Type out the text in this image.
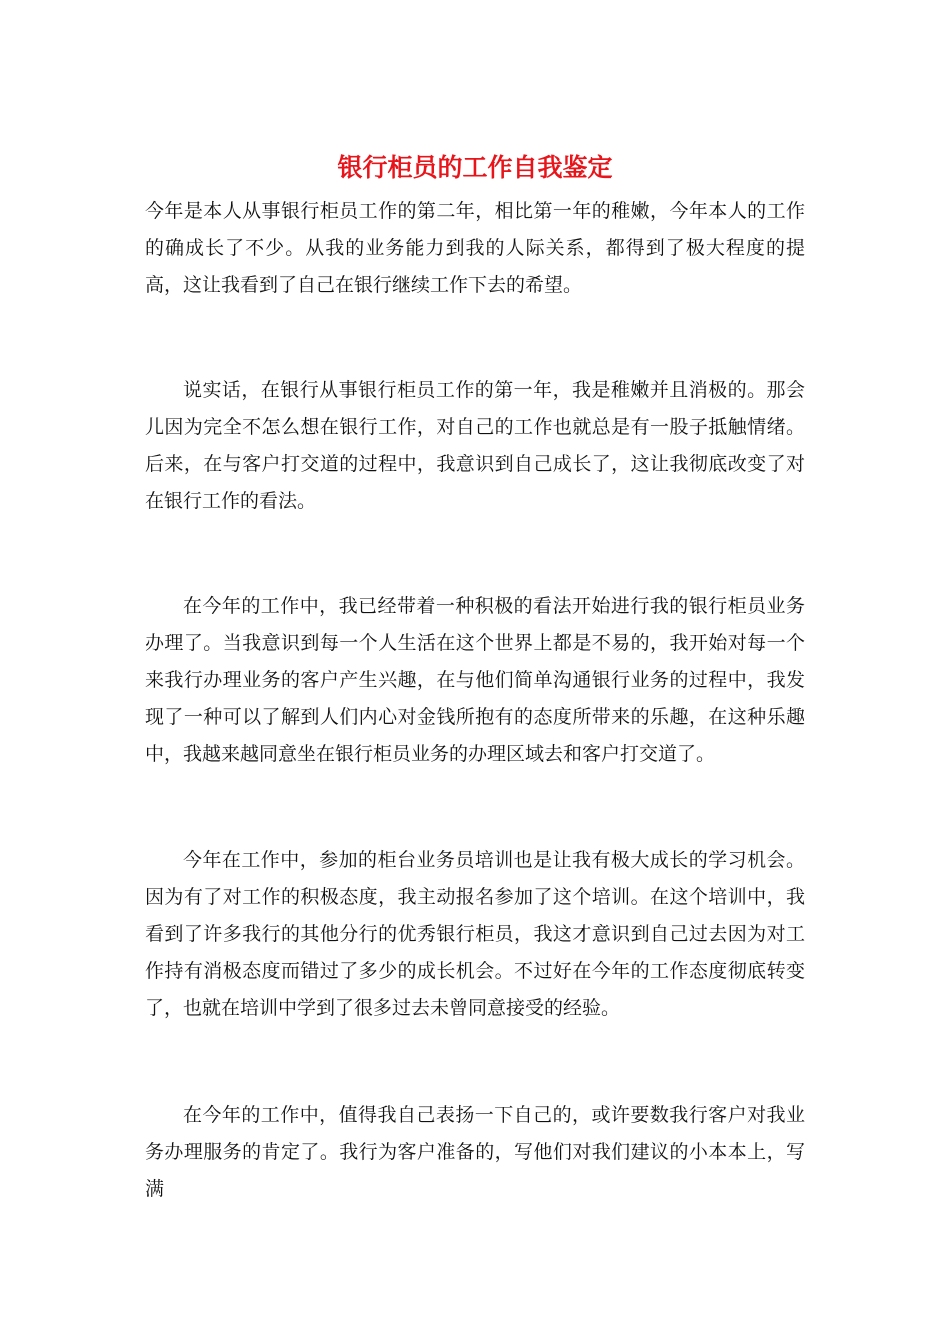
银行柜员的工作自我鉴定

今年是本人从事银行柜员工作的第二年，相比第一年的稚嫩，今年本人的工作的确成长了不少。从我的业务能力到我的人际关系，都得到了极大程度的提高，这让我看到了自己在银行继续工作下去的希望。

说实话，在银行从事银行柜员工作的第一年，我是稚嫩并且消极的。那会儿因为完全不怎么想在银行工作，对自己的工作也就总是有一股子抵触情绪。后来，在与客户打交道的过程中，我意识到自己成长了，这让我彻底改变了对在银行工作的看法。

在今年的工作中，我已经带着一种积极的看法开始进行我的银行柜员业务办理了。当我意识到每一个人生活在这个世界上都是不易的，我开始对每一个来我行办理业务的客户产生兴趣，在与他们简单沟通银行业务的过程中，我发现了一种可以了解到人们内心对金钱所抱有的态度所带来的乐趣，在这种乐趣中，我越来越同意坐在银行柜员业务的办理区域去和客户打交道了。

今年在工作中，参加的柜台业务员培训也是让我有极大成长的学习机会。因为有了对工作的积极态度，我主动报名参加了这个培训。在这个培训中，我看到了许多我行的其他分行的优秀银行柜员，我这才意识到自己过去因为对工作持有消极态度而错过了多少的成长机会。不过好在今年的工作态度彻底转变了，也就在培训中学到了很多过去未曾同意接受的经验。

在今年的工作中，值得我自己表扬一下自己的，或许要数我行客户对我业务办理服务的肯定了。我行为客户准备的，写他们对我们建议的小本本上，写满
